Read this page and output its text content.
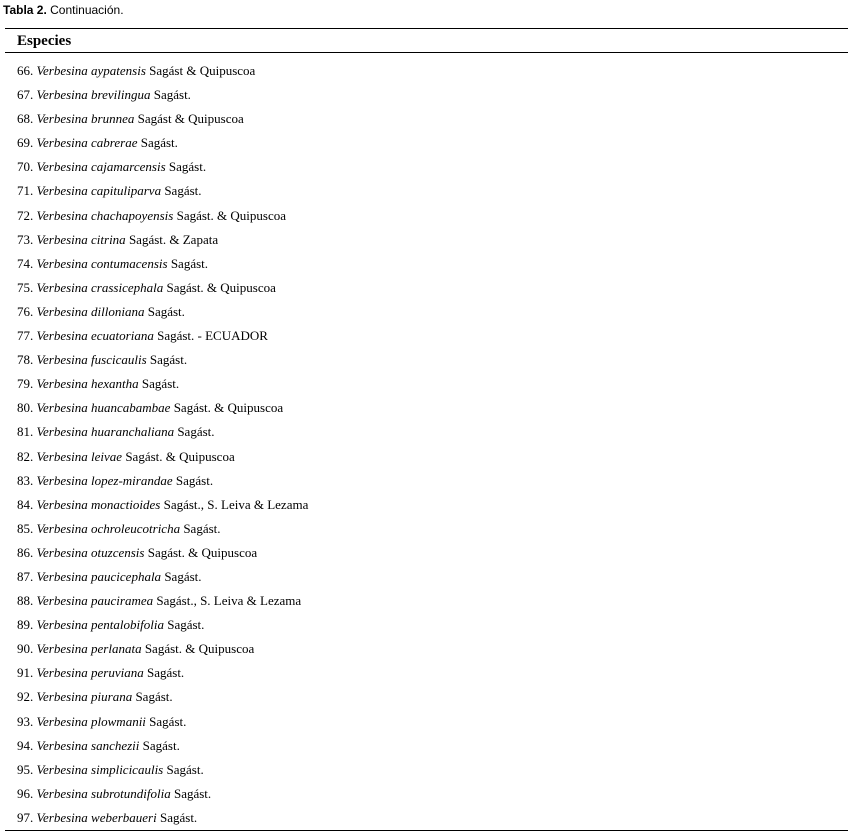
Tabla 2. Continuación.
Especies
66. Verbesina aypatensis Sagást & Quipuscoa
67. Verbesina brevilingua Sagást.
68. Verbesina brunnea Sagást & Quipuscoa
69. Verbesina cabrerae Sagást.
70. Verbesina cajamarcensis Sagást.
71. Verbesina capituliparva Sagást.
72. Verbesina chachapoyensis Sagást. & Quipuscoa
73. Verbesina citrina Sagást. & Zapata
74. Verbesina contumacensis Sagást.
75. Verbesina crassicephala Sagást. & Quipuscoa
76. Verbesina dilloniana Sagást.
77. Verbesina ecuatoriana Sagást. - ECUADOR
78. Verbesina fuscicaulis Sagást.
79. Verbesina hexantha Sagást.
80. Verbesina huancabambae Sagást. & Quipuscoa
81. Verbesina huaranchaliana Sagást.
82. Verbesina leivae Sagást. & Quipuscoa
83. Verbesina lopez-mirandae Sagást.
84. Verbesina monactioides Sagást., S. Leiva & Lezama
85. Verbesina ochroleucotricha Sagást.
86. Verbesina otuzcensis Sagást. & Quipuscoa
87. Verbesina paucicephala Sagást.
88. Verbesina pauciramea Sagást., S. Leiva & Lezama
89. Verbesina pentalobifolia Sagást.
90. Verbesina perlanata Sagást. & Quipuscoa
91. Verbesina peruviana Sagást.
92. Verbesina piurana Sagást.
93. Verbesina plowmanii Sagást.
94. Verbesina sanchezii Sagást.
95. Verbesina simplicicaulis Sagást.
96. Verbesina subrotundifolia Sagást.
97. Verbesina weberbaueri Sagást.
